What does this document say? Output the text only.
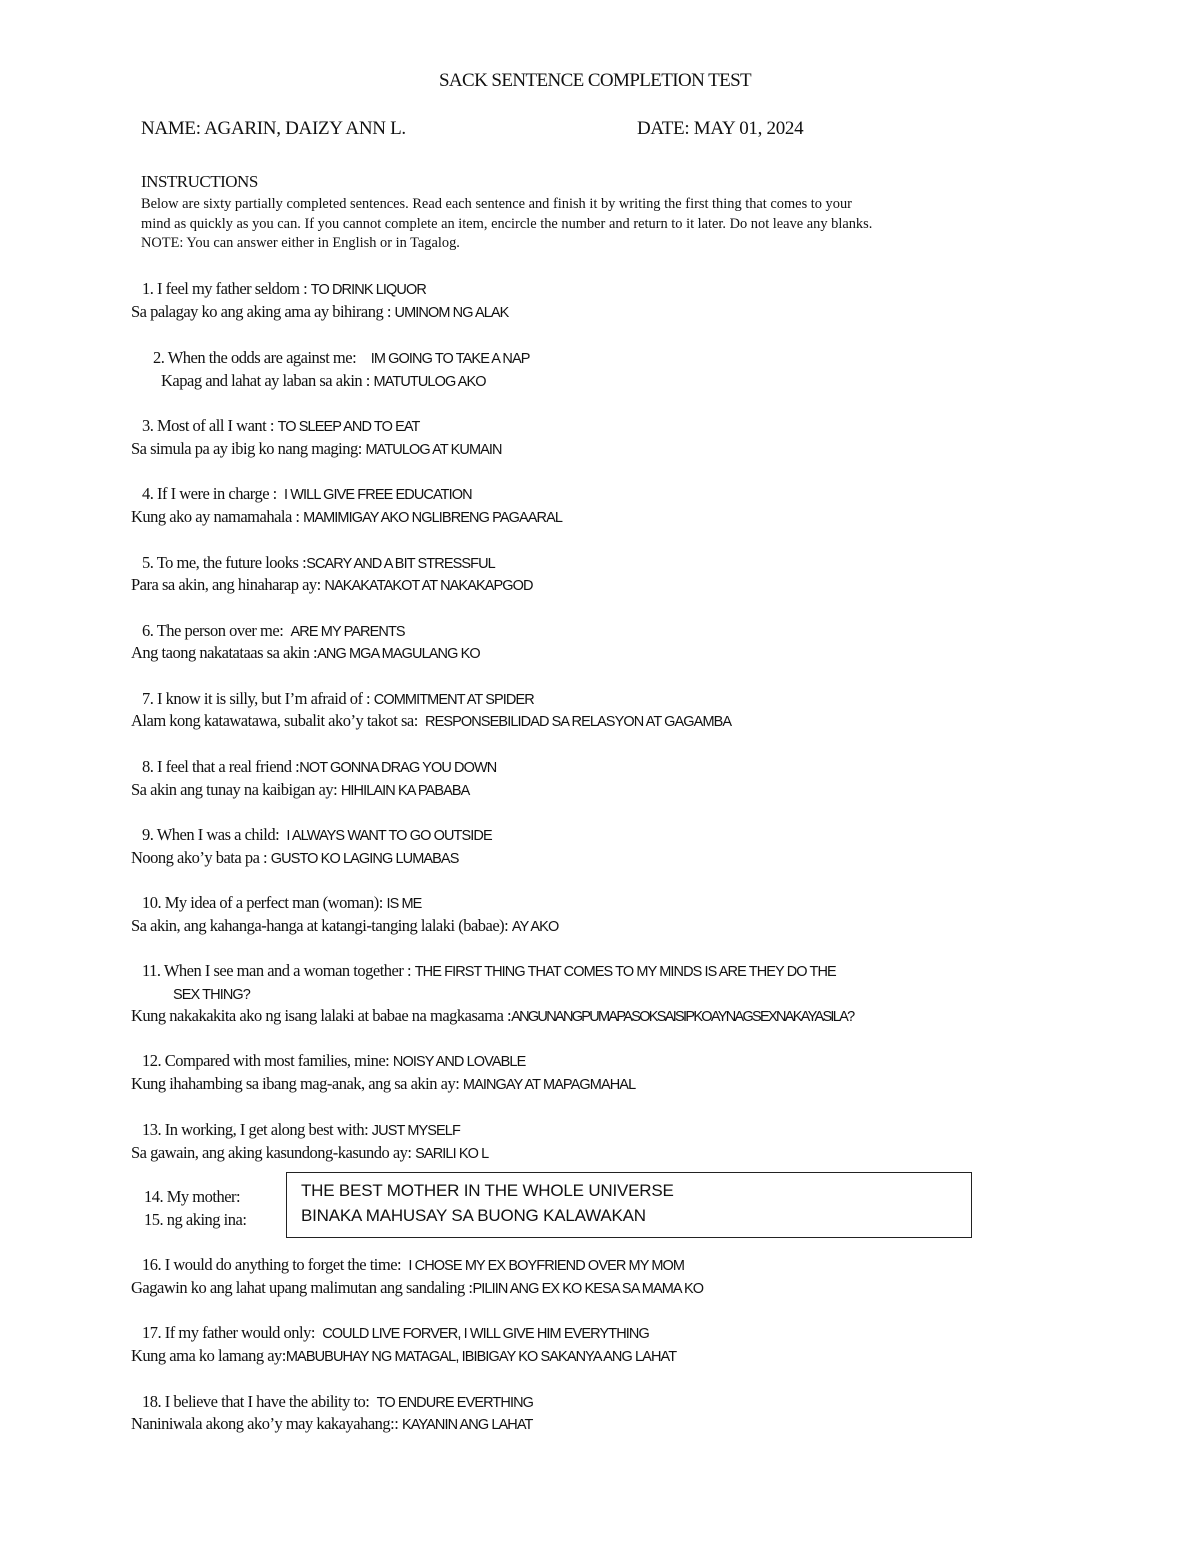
SACK SENTENCE COMPLETION TEST
NAME: AGARIN, DAIZY ANN L.	DATE: MAY 01, 2024
INSTRUCTIONS
Below are sixty partially completed sentences. Read each sentence and finish it by writing the first thing that comes to your
mind as quickly as you can. If you cannot complete an item, encircle the number and return to it later. Do not leave any blanks.
NOTE: You can answer either in English or in Tagalog.
1. I feel my father seldom : TO DRINK LIQUOR
Sa palagay ko ang aking ama ay bihirang : UMINOM NG ALAK
2. When the odds are against me: IM GOING TO TAKE A NAP
Kapag and lahat ay laban sa akin : MATUTULOG AKO
3. Most of all I want : TO SLEEP AND TO EAT
Sa simula pa ay ibig ko nang maging: MATULOG AT KUMAIN
4. If I were in charge : I WILL GIVE FREE EDUCATION
Kung ako ay namamahala : MAMIMIGAY AKO NGLIBRENG PAGAARAL
5. To me, the future looks :SCARY AND A BIT STRESSFUL
Para sa akin, ang hinaharap ay: NAKAKATAKOT AT NAKAKAPGOD
6. The person over me: ARE MY PARENTS
Ang taong nakatataas sa akin :ANG MGA MAGULANG KO
7. I know it is silly, but I’m afraid of : COMMITMENT AT SPIDER
Alam kong katawatawa, subalit ako’y takot sa: RESPONSEBILIDAD SA RELASYON AT GAGAMBA
8. I feel that a real friend :NOT GONNA DRAG YOU DOWN
Sa akin ang tunay na kaibigan ay: HIHILAIN KA PABABA
9. When I was a child: I ALWAYS WANT TO GO OUTSIDE
Noong ako’y bata pa : GUSTO KO LAGING LUMABAS
10. My idea of a perfect man (woman): IS ME
Sa akin, ang kahanga-hanga at katangi-tanging lalaki (babae): AY AKO
11. When I see man and a woman together : THE FIRST THING THAT COMES TO MY MINDS IS ARE THEY DO THE
SEX THING?
Kung nakakakita ako ng isang lalaki at babae na magkasama :ANGUNANGPUMAPASOKSAISIPKOAYNAGSEXNAKAYASILA?
12. Compared with most families, mine: NOISY AND LOVABLE
Kung ihahambing sa ibang mag-anak, ang sa akin ay: MAINGAY AT MAPAGMAHAL
13. In working, I get along best with: JUST MYSELF
Sa gawain, ang aking kasundong-kasundo ay: SARILI KO L
14. My mother:
15. ng aking ina:
THE BEST MOTHER IN THE WHOLE UNIVERSE
BINAKA MAHUSAY SA BUONG KALAWAKAN
16. I would do anything to forget the time: I CHOSE MY EX BOYFRIEND OVER MY MOM
Gagawin ko ang lahat upang malimutan ang sandaling :PILIIN ANG EX KO KESA SA MAMA KO
17. If my father would only: COULD LIVE FORVER, I WILL GIVE HIM EVERYTHING
Kung ama ko lamang ay:MABUBUHAY NG MATAGAL, IBIBIGAY KO SAKANYA ANG LAHAT
18. I believe that I have the ability to: TO ENDURE EVERTHING
Naniniwala akong ako’y may kakayahang:: KAYANIN ANG LAHAT
